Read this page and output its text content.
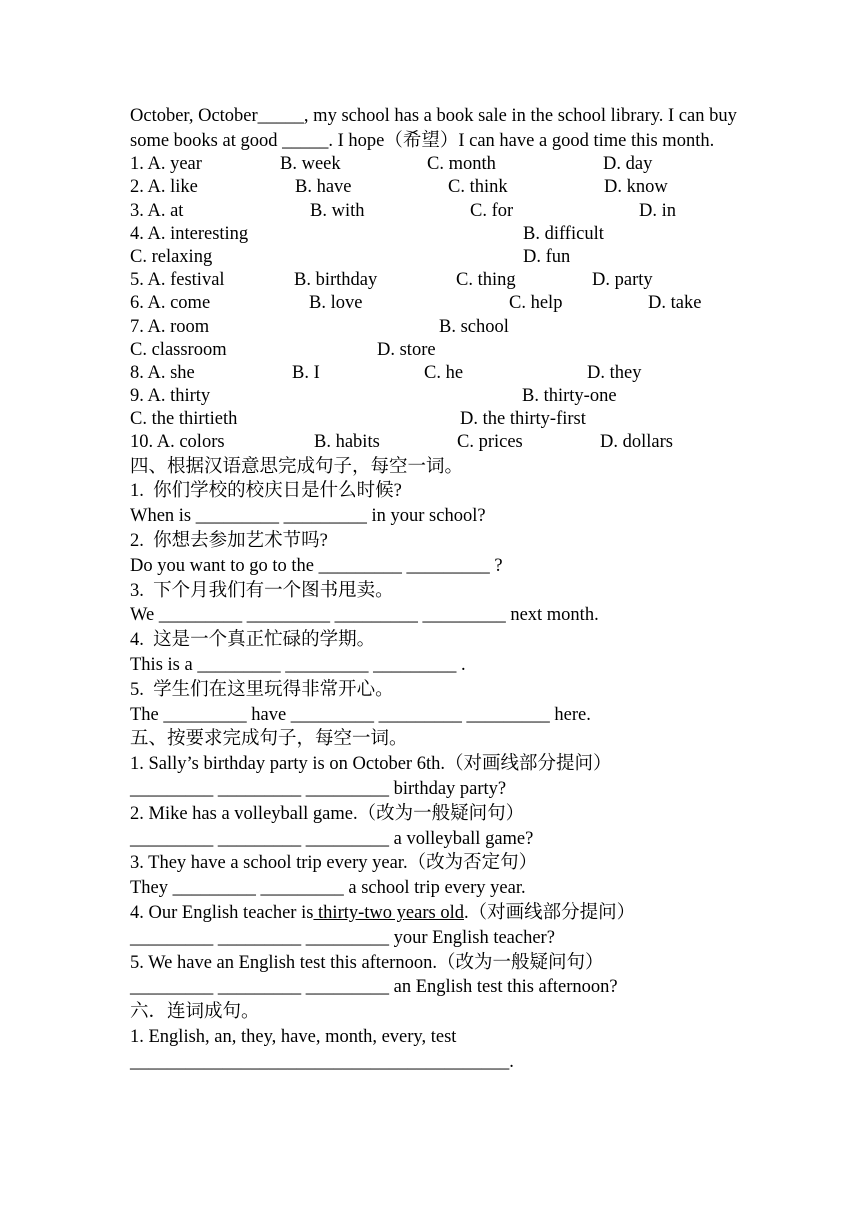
October, October_____, my school has a book sale in the school library. I can buy some books at good _____. I hope（希望）I can have a good time this month.

1. A. year	B. week	C. month	D. day
2. A. like	B. have	C. think	D. know
3. A. at	B. with	C. for	D. in
4. A. interesting	B. difficult
C. relaxing	D. fun
5. A. festival	B. birthday	C. thing	D. party
6. A. come	B. love	C. help	D. take
7. A. room	B. school
C. classroom	D. store
8. A. she	B. I	C. he	D. they
9. A. thirty	B. thirty-one
C. the thirtieth	D. the thirty-first
10. A. colors	B. habits	C. prices	D. dollars
四、根据汉语意思完成句子，每空一词。
1.  你们学校的校庆日是什么时候?
When is _________ _________ in your school?
2.  你想去参加艺术节吗?
Do you want to go to the _________ _________ ?
3.  下个月我们有一个图书甩卖。
We _________ _________ _________ _________ next month.
4.  这是一个真正忙碌的学期。
This is a _________ _________ _________ .
5.  学生们在这里玩得非常开心。
The _________ have _________ _________ _________ here.
五、按要求完成句子，每空一词。
1. Sally’s birthday party is on October 6th.（对画线部分提问）
_________ _________ _________ birthday party?
2. Mike has a volleyball game.（改为一般疑问句）
_________ _________ _________ a volleyball game?
3. They have a school trip every year.（改为否定句）
They _________ _________ a school trip every year.
4. Our English teacher is thirty-two years old.（对画线部分提问）
_________ _________ _________ your English teacher?
5. We have an English test this afternoon.（改为一般疑问句）
_________ _________ _________ an English test this afternoon?
六．连词成句。
1. English, an, they, have, month, every, test
_________________________________________.
